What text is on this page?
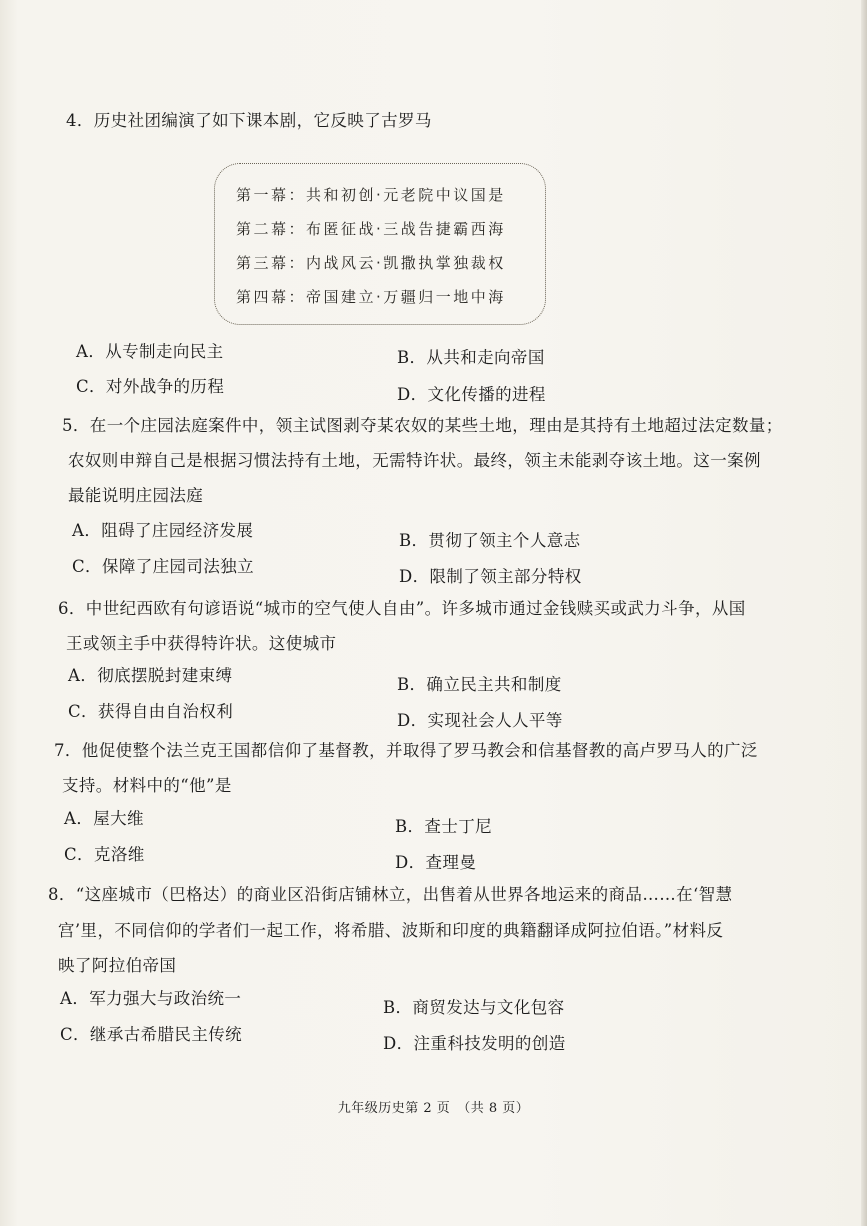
4．历史社团编演了如下课本剧，它反映了古罗马
第一幕：共和初创·元老院中议国是
第二幕：布匿征战·三战告捷霸西海
第三幕：内战风云·凯撒执掌独裁权
第四幕：帝国建立·万疆归一地中海
A．从专制走向民主	B．从共和走向帝国
C．对外战争的历程	D．文化传播的进程
5．在一个庄园法庭案件中，领主试图剥夺某农奴的某些土地，理由是其持有土地超过法定数量；
农奴则申辩自己是根据习惯法持有土地，无需特许状。最终，领主未能剥夺该土地。这一案例
最能说明庄园法庭
A．阻碍了庄园经济发展
B．贯彻了领主个人意志
C．保障了庄园司法独立
D．限制了领主部分特权
6．中世纪西欧有句谚语说“城市的空气使人自由”。许多城市通过金钱赎买或武力斗争，从国
王或领主手中获得特许状。这使城市
A．彻底摆脱封建束缚	B．确立民主共和制度
C．获得自由自治权利	D．实现社会人人平等
7．他促使整个法兰克王国都信仰了基督教，并取得了罗马教会和信基督教的高卢罗马人的广泛
支持。材料中的“他”是
A．屋大维	B．查士丁尼
C．克洛维	D．查理曼
8．“这座城市（巴格达）的商业区沿街店铺林立，出售着从世界各地运来的商品……在‘智慧
宫’里，不同信仰的学者们一起工作，将希腊、波斯和印度的典籍翻译成阿拉伯语。”材料反
映了阿拉伯帝国
A．军力强大与政治统一	B．商贸发达与文化包容
C．继承古希腊民主传统	D．注重科技发明的创造
九年级历史第 2 页　（共 8 页）
